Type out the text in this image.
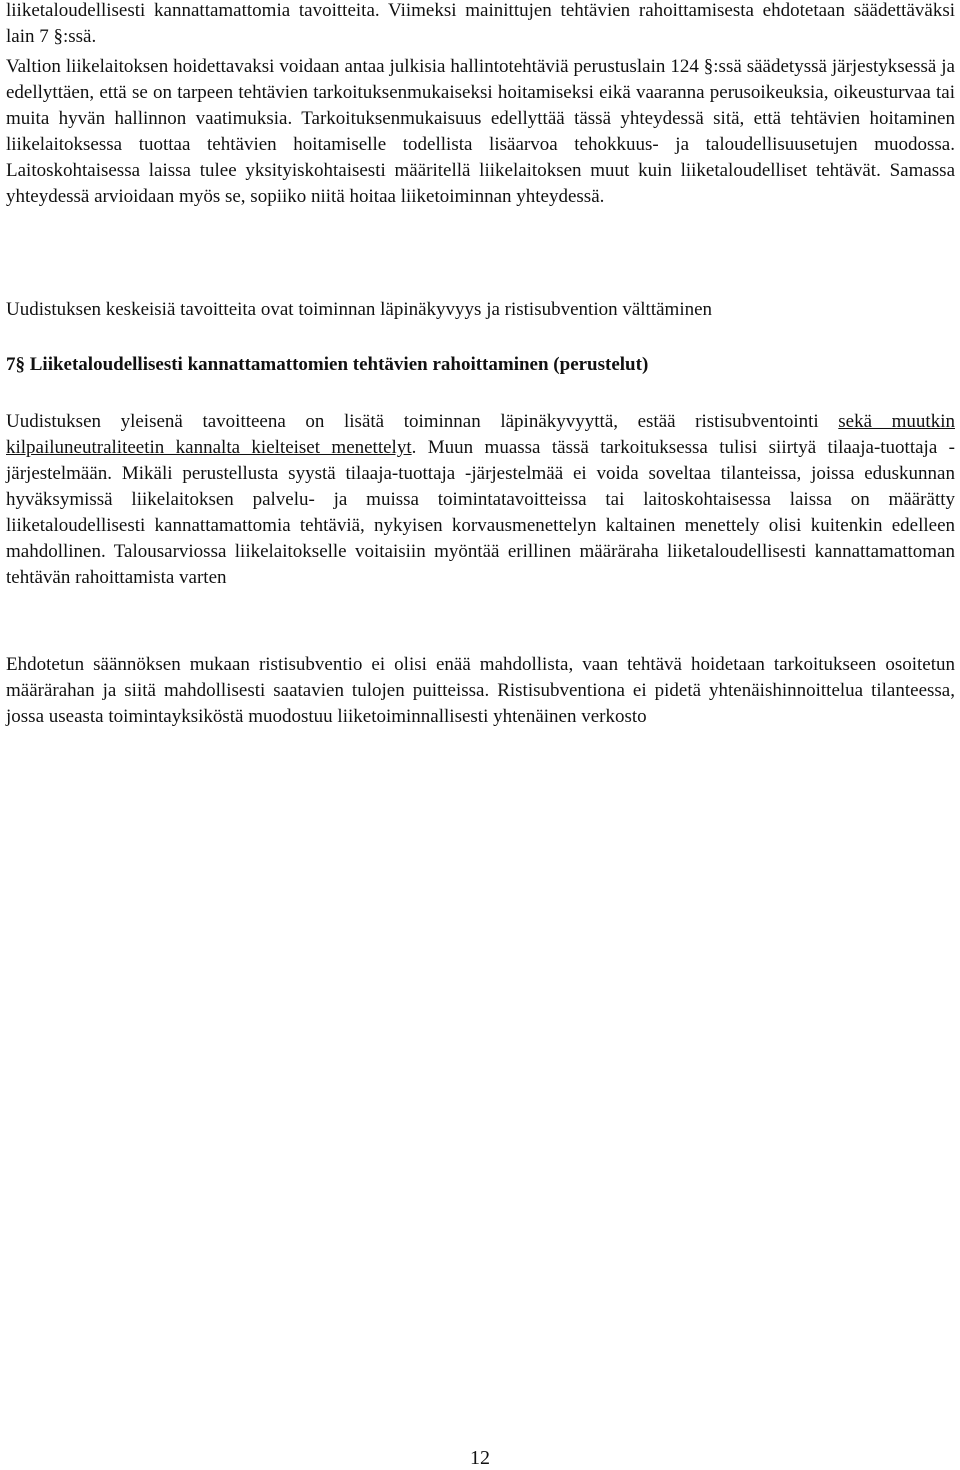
liiketaloudellisesti kannattamattomia tavoitteita. Viimeksi mainittujen tehtävien rahoittamisesta ehdotetaan säädettäväksi lain 7 §:ssä.

Valtion liikelaitoksen hoidettavaksi voidaan antaa julkisia hallintotehtäviä perustuslain 124 §:ssä säädetyssä järjestyksessä ja edellyttäen, että se on tarpeen tehtävien tarkoituksenmukaiseksi hoitamiseksi eikä vaaranna perusoikeuksia, oikeusturvaa tai muita hyvän hallinnon vaatimuksia. Tarkoituksenmukaisuus edellyttää tässä yhteydessä sitä, että tehtävien hoitaminen liikelaitoksessa tuottaa tehtävien hoitamiselle todellista lisäarvoa tehokkuus- ja taloudellisuusetujen muodossa. Laitoskohtaisessa laissa tulee yksityiskohtaisesti määritellä liikelaitoksen muut kuin liiketaloudelliset tehtävät. Samassa yhteydessä arvioidaan myös se, sopiiko niitä hoitaa liiketoiminnan yhteydessä.

Uudistuksen keskeisiä tavoitteita ovat toiminnan läpinäkyvyys ja ristisubvention välttäminen

7§ Liiketaloudellisesti kannattamattomien tehtävien rahoittaminen (perustelut)

Uudistuksen yleisenä tavoitteena on lisätä toiminnan läpinäkyvyyttä, estää ristisubventointi sekä muutkin kilpailuneutraliteetin kannalta kielteiset menettelyt. Muun muassa tässä tarkoituksessa tulisi siirtyä tilaaja-tuottaja -järjestelmään. Mikäli perustellusta syystä tilaaja-tuottaja -järjestelmää ei voida soveltaa tilanteissa, joissa eduskunnan hyväksymissä liikelaitoksen palvelu- ja muissa toimintatavoitteissa tai laitoskohtaisessa laissa on määrätty liiketaloudellisesti kannattamattomia tehtäviä, nykyisen korvausmenettelyn kaltainen menettely olisi kuitenkin edelleen mahdollinen. Talousarviossa liikelaitokselle voitaisiin myöntää erillinen määräraha liiketaloudellisesti kannattamattoman tehtävän rahoittamista varten

Ehdotetun säännöksen mukaan ristisubventio ei olisi enää mahdollista, vaan tehtävä hoidetaan tarkoitukseen osoitetun määrärahan ja siitä mahdollisesti saatavien tulojen puitteissa. Ristisubventiona ei pidetä yhtenäishinnoittelua tilanteessa, jossa useasta toimintayksiköstä muodostuu liiketoiminnallisesti yhtenäinen verkosto

12
